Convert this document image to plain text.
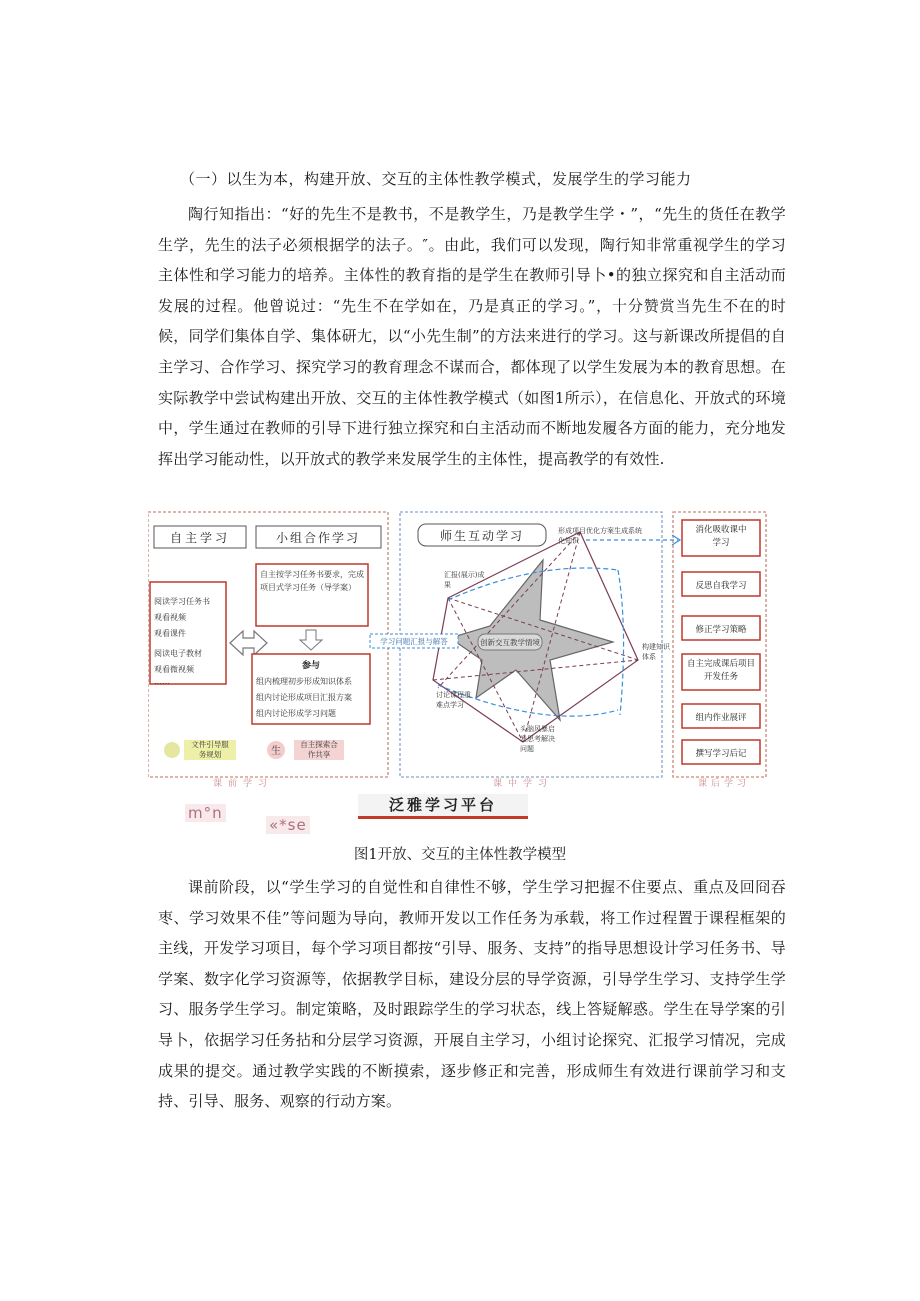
（一）以生为本，构建开放、交互的主体性教学模式，发展学生的学习能力
陶行知指出：“好的先生不是教书，不是教学生，乃是教学生学・”，“先生的货任在教学生学，先生的法子必须根据学的法子。″。由此，我们可以发现，陶行知非常重视学生的学习主体性和学习能力的培养。主体性的教育指的是学生在教师引导卜•的独立探究和自主活动而发展的过程。他曾说过：“先生不在学如在，乃是真正的学习。”，十分赞赏当先生不在的时候，同学们集体自学、集体研尢，以“小先生制”的方法来进行的学习。这与新课改所提倡的自主学习、合作学习、探究学习的教育理念不谋而合，都体现了以学生发展为本的教育思想。在实际教学中尝试构建出开放、交互的主体性教学模式（如图1所示），在信息化、开放式的环境中，学生通过在教师的引导下进行独立探究和白主活动而不断地发履各方面的能力，充分地发挥出学习能动性，以开放式的教学来发展学生的主体性，提高教学的有效性.
自主学习	小组合作学习	师生互动学习
阅读学习任务书
观看视频
观看课件
阅读电子教材
观看微视频
……
自主按学习任务书要求，完成项目式学习任务（导学案）
参与
组内梳理初步形成知识体系
组内讨论形成项目汇报方案
组内讨论形成学习问题
文件引导服务规划	生
自主探索合作共享
形成项目优化方案生成系统化知识
汇报(展示)成果
学习问题汇报与解答	创新交互教学情境	构建知识体系
讨论课程重难点学习
头脑风暴启发思考解决问题
消化吸收课中学习
反思自我学习
修正学习策略
自主完成课后项目开发任务
组内作业展评
撰写学习后记
课前学习	课中学习	课后学习
泛雅学习平台
m°n
«*se
图1开放、交互的主体性教学模型
课前阶段，以“学生学习的自觉性和自律性不够，学生学习把握不住要点、重点及回冏吞枣、学习效果不佳”等问题为导向，教师开发以工作任务为承载，将工作过程置于课程框架的主线，开发学习项目，每个学习项目都按“引导、服务、支持”的指导思想设计学习任务书、导学案、数字化学习资源等，依据教学目标，建设分层的导学资源，引导学生学习、支持学生学习、服务学生学习。制定策略，及时跟踪学生的学习状态，线上答疑解惑。学生在导学案的引导卜，依据学习任务拈和分层学习资源，开展自主学习，小组讨论探究、汇报学习情况，完成成果的提交。通过教学实践的不断摸索，逐步修正和完善，形成师生有效进行课前学习和支持、引导、服务、观察的行动方案。
